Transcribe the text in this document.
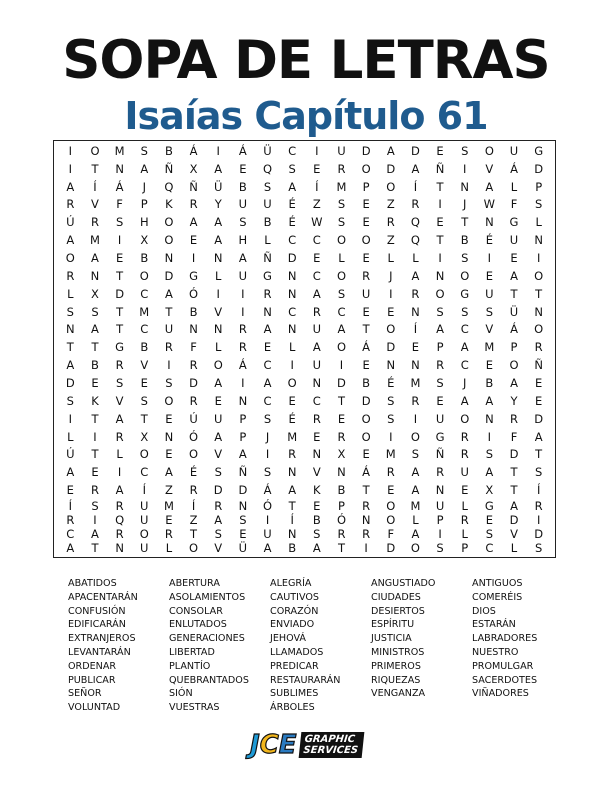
SOPA DE LETRAS
Isaías Capítulo 61
I	O	M	S	B	Á	I	Á	Ü	C	I	U	D	A	D	E	S	O	U	G
I	T	N	A	Ñ	X	A	E	Q	S	E	R	O	D	A	Ñ	I	V	Á	D
A	Í	Á	J	Q	Ñ	Ü	B	S	A	Í	M	P	O	Í	T	N	A	L	P
R	V	F	P	K	R	Y	U	U	É	Z	S	E	Z	R	I	J	W	F	S
Ú	R	S	H	O	A	A	S	B	É	W	S	E	R	Q	E	T	N	G	L
A	M	I	X	O	E	A	H	L	C	C	O	O	Z	Q	T	B	É	U	N
O	A	E	B	N	I	N	A	Ñ	D	E	L	E	L	L	I	S	I	E	I
R	N	T	O	D	G	L	U	G	N	C	O	R	J	A	N	O	E	A	O
L	X	D	C	A	Ó	I	I	R	N	A	S	U	I	R	O	G	U	T	T
S	S	T	M	T	B	V	I	N	C	R	C	E	E	N	S	S	S	Ü	N
N	A	T	C	U	N	N	R	A	N	U	A	T	O	Í	A	C	V	Á	O
T	T	G	B	R	F	L	R	E	L	A	O	Á	D	E	P	A	M	P	R
A	B	R	V	I	R	O	Á	C	I	U	I	E	N	N	R	C	E	O	Ñ
D	E	S	E	S	D	A	I	A	O	N	D	B	É	M	S	J	B	A	E
S	K	V	S	O	R	E	N	C	E	C	T	D	S	R	E	A	A	Y	E
I	T	A	T	E	Ú	U	P	S	É	R	E	O	S	I	U	O	N	R	D
L	I	R	X	N	Ó	A	P	J	M	E	R	O	I	O	G	R	I	F	A
Ú	T	L	O	E	O	V	A	I	R	N	X	E	M	S	Ñ	R	S	D	T
A	E	I	C	A	É	S	Ñ	S	N	V	N	Á	R	A	R	U	A	T	S
E	R	A	Í	Z	R	D	D	Á	A	K	B	T	E	A	N	E	X	T	Í
Í	S	R	U	M	Í	R	N	Ó	T	E	P	R	O	M	U	L	G	A	R
R	I	Q	U	E	Z	A	S	I	Í	B	Ó	N	O	L	P	R	E	D	I
C	A	R	O	R	T	S	E	U	N	S	R	R	F	A	I	L	S	V	D
A	T	N	U	L	O	V	Ü	A	B	A	T	I	D	O	S	P	C	L	S
ABATIDOS
APACENTARÁN
CONFUSIÓN
EDIFICARÁN
EXTRANJEROS
LEVANTARÁN
ORDENAR
PUBLICAR
SEÑOR
VOLUNTAD
ABERTURA
ASOLAMIENTOS
CONSOLAR
ENLUTADOS
GENERACIONES
LIBERTAD
PLANTÍO
QUEBRANTADOS
SIÓN
VUESTRAS
ALEGRÍA
CAUTIVOS
CORAZÓN
ENVIADO
JEHOVÁ
LLAMADOS
PREDICAR
RESTAURARÁN
SUBLIMES
ÁRBOLES
ANGUSTIADO
CIUDADES
DESIERTOS
ESPÍRITU
JUSTICIA
MINISTROS
PRIMEROS
RIQUEZAS
VENGANZA
ANTIGUOS
COMERÉIS
DIOS
ESTARÁN
LABRADORES
NUESTRO
PROMULGAR
SACERDOTES
VIÑADORES
J C E GRAPHIC
SERVICES
